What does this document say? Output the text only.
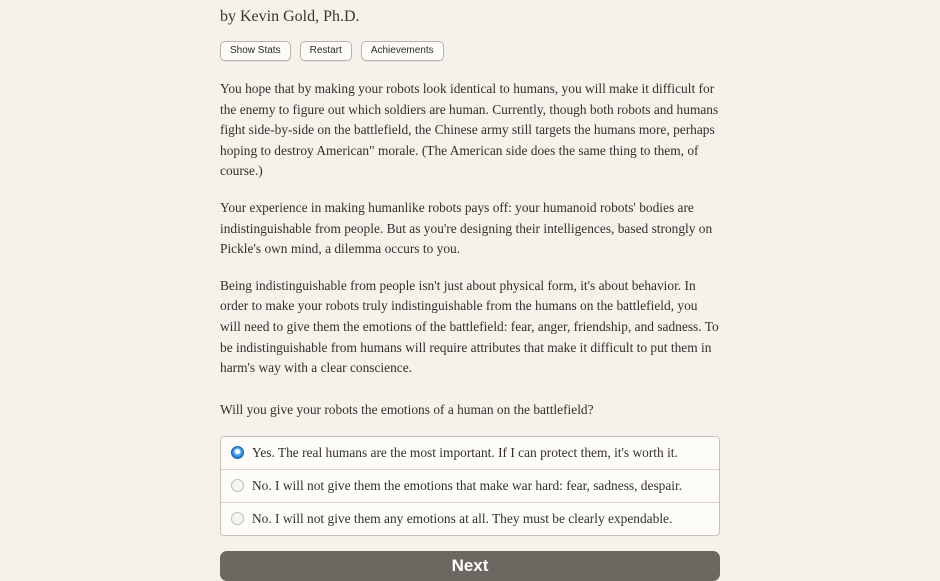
by Kevin Gold, Ph.D.
Show Stats	Restart	Achievements

You hope that by making your robots look identical to humans, you will make it difficult for the enemy to figure out which soldiers are human. Currently, though both robots and humans fight side-by-side on the battlefield, the Chinese army still targets the humans more, perhaps hoping to destroy American" morale. (The American side does the same thing to them, of course.)

Your experience in making humanlike robots pays off: your humanoid robots' bodies are indistinguishable from people. But as you're designing their intelligences, based strongly on Pickle's own mind, a dilemma occurs to you.

Being indistinguishable from people isn't just about physical form, it's about behavior. In order to make your robots truly indistinguishable from the humans on the battlefield, you will need to give them the emotions of the battlefield: fear, anger, friendship, and sadness. To be indistinguishable from humans will require attributes that make it difficult to put them in harm's way with a clear conscience.

Will you give your robots the emotions of a human on the battlefield?

Yes. The real humans are the most important. If I can protect them, it's worth it.
No. I will not give them the emotions that make war hard: fear, sadness, despair.
No. I will not give them any emotions at all. They must be clearly expendable.
Next
